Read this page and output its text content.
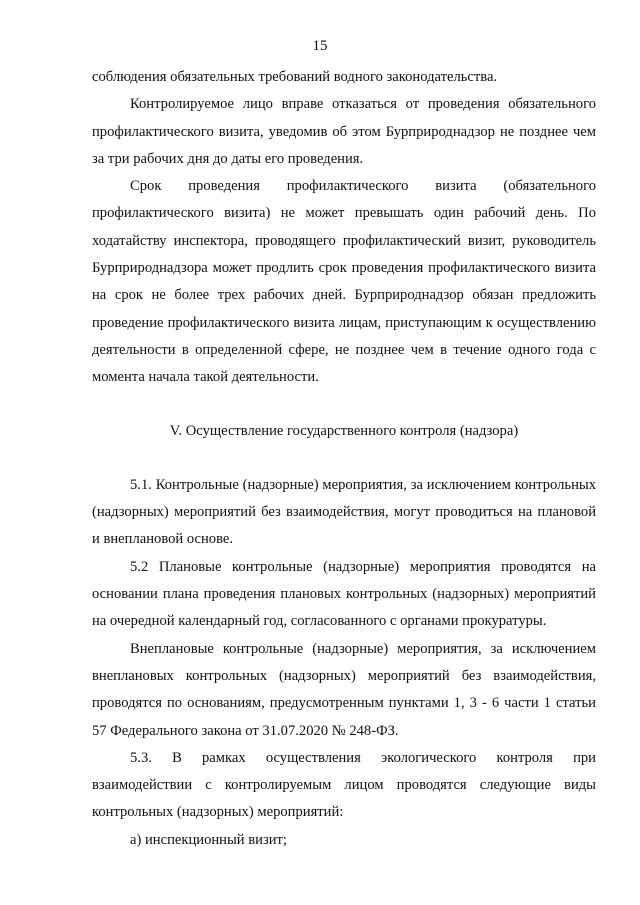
15

соблюдения обязательных требований водного законодательства.

Контролируемое лицо вправе отказаться от проведения обязательного профилактического визита, уведомив об этом Бурприроднадзор не позднее чем за три рабочих дня до даты его проведения.

Срок проведения профилактического визита (обязательного профилактического визита) не может превышать один рабочий день. По ходатайству инспектора, проводящего профилактический визит, руководитель Бурприроднадзора может продлить срок проведения профилактического визита на срок не более трех рабочих дней. Бурприроднадзор обязан предложить проведение профилактического визита лицам, приступающим к осуществлению деятельности в определенной сфере, не позднее чем в течение одного года с момента начала такой деятельности.

V. Осуществление государственного контроля (надзора)

5.1. Контрольные (надзорные) мероприятия, за исключением контрольных (надзорных) мероприятий без взаимодействия, могут проводиться на плановой и внеплановой основе.

5.2 Плановые контрольные (надзорные) мероприятия проводятся на основании плана проведения плановых контрольных (надзорных) мероприятий на очередной календарный год, согласованного с органами прокуратуры.

Внеплановые контрольные (надзорные) мероприятия, за исключением внеплановых контрольных (надзорных) мероприятий без взаимодействия, проводятся по основаниям, предусмотренным пунктами 1, 3 - 6 части 1 статьи 57 Федерального закона от 31.07.2020 № 248-ФЗ.

5.3. В рамках осуществления экологического контроля при взаимодействии с контролируемым лицом проводятся следующие виды контрольных (надзорных) мероприятий:

а) инспекционный визит;
